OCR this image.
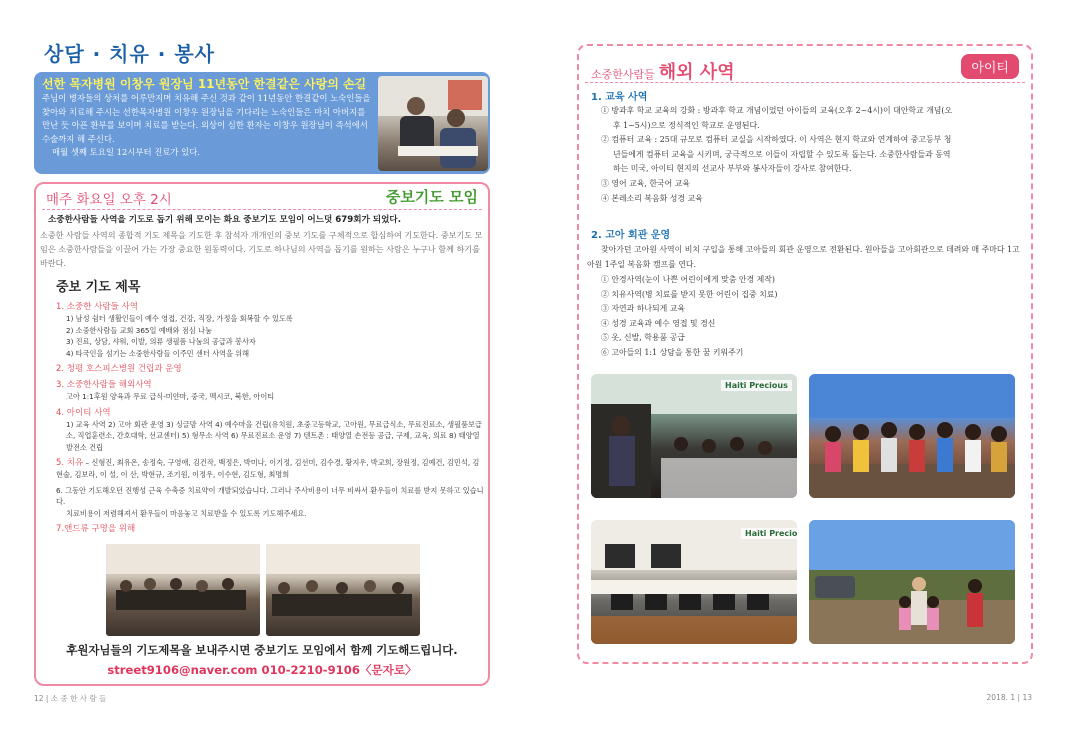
상담 · 치유 · 봉사
선한 목자병원 이창우 원장님 11년동안 한결같은 사랑의 손길

주님이 병자들의 상처를 어루만지며 치유해 주신 것과 같이 11년동안 한결같이 노숙인들을 찾아와 치료해 주시는 선한목자병원 이창우 원장님을 기다리는 노숙인들은 마치 아버지를 만난 듯 아픈 환부를 보이며 치료를 받는다. 외상이 심한 환자는 이창우 원장님이 즉석에서 수술까지 해 주신다.

매월 셋째 토요일 12시부터 진료가 있다.

매주 화요일 오후 2시	중보기도 모임
소중한사람들 사역을 기도로 돕기 위해 모이는 화요 중보기도 모임이 어느덧 679회가 되었다.
소중한 사람들 사역의 종합적 기도 제목을 기도한 후 참석자 개개인의 중보 기도를 구체적으로 합심하여 기도한다. 중보기도 모임은 소중한사람들을 이끌어 가는 가장 중요한 원동력이다. 기도로 하나님의 사역을 돕기를 원하는 사람은 누구나 함께 하기를 바란다.
중보 기도 제목
1. 소중한 사람들 사역
1) 남성 쉼터 생활인들이 예수 영접, 건강, 직장, 가정을 회복할 수 있도록
2) 소중한사람들 교회 365일 예배와 점심 나눔
3) 진료, 상담, 샤워, 이발, 의류 생필품 나눔의 공급과 봉사자
4) 타국인을 섬기는 소중한사람들 이주민 센터 사역을 위해
2. 청평 호스피스병원 건립과 운영
3. 소중한사람들 해외사역
고아 1:1후원 양육과 무료 급식-미얀마, 중국, 멕시코, 북한, 아이티
4. 아이티 사역
1) 교육 사역 2) 고아 회관 운영 3) 싱글맘 사역 4) 예수마을 건립(유치원, 초중고등학교, 고아원, 무료급식소, 무료진료소, 생필품보급소, 직업훈련소, 간호대학, 선교센터) 5) 형무소 사역 6) 무료진료소 운영 7) 텐트촌 : 태양열 손전등 공급, 구제, 교육, 의료 8) 태양열 발전소 건립
5. 치유 – 신형진, 최유온, 송정숙, 구영애, 김건작, 백정은, 박미나, 이기정, 김선미, 김수경, 황지우, 박교희, 장원정, 김예건, 김민석, 김현술, 김보라, 이 설, 이 산, 박현규, 조기원, 이정우, 이수현, 김도형, 최명희
6. 그동안 기도해오던 진행성 근육 수축증 치료약이 개발되었습니다. 그러나 주사비용이 너무 비싸서 환우들이 치료를 받지 못하고 있습니다.
치료비용이 저렴해져서 환우들이 마음놓고 치료받을 수 있도록 기도해주세요.
7.앤드류 구명을 위해
후원자님들의 기도제목을 보내주시면 중보기도 모임에서 함께 기도해드립니다.
street9106@naver.com 010-2210-9106〈문자로〉
12 | 소 중 한 사 람 들
소중한사람들 해외 사역	아이티
1. 교육 사역
① 방과후 학교 교육의 강화 : 방과후 학교 개념이었던 아이들의 교육(오후 2~4시)이 대안학교 개념(오
후 1~5시)으로 정식적인 학교로 운영된다.
② 컴퓨터 교육 : 25대 규모로 컴퓨터 교실을 시작하였다. 이 사역은 현지 학교와 연계하여 중고등부 청
년들에게 컴퓨터 교육을 시키며, 궁극적으로 이들이 자립할 수 있도록 돕는다. 소중한사람들과 동역
하는 미국, 아이티 현지의 선교사 부부와 봉사자들이 강사로 참여한다.
③ 영어 교육, 한국어 교육
④ 본레소리 복음화 성경 교육
2. 고아 회관 운영
찾아가던 고아원 사역이 비치 구입을 통해 고아들의 회관 운영으로 전환된다. 원아들을 고아회관으로 데려와 매 주마다 1고아원 1주일 복음화 캠프를 연다.
① 안경사역(눈이 나쁜 어린이에게 맞춤 안경 제작)
② 치유사역(병 치료를 받지 못한 어린이 집중 치료)
③ 자연과 하나되게 교육
④ 성경 교육과 예수 영접 및 경신
⑤ 옷, 신발, 학용품 공급
⑥ 고아들의 1:1 상담을 통한 꿈 키워주기
Haiti Precious
Haiti Precio
2018. 1 | 13
